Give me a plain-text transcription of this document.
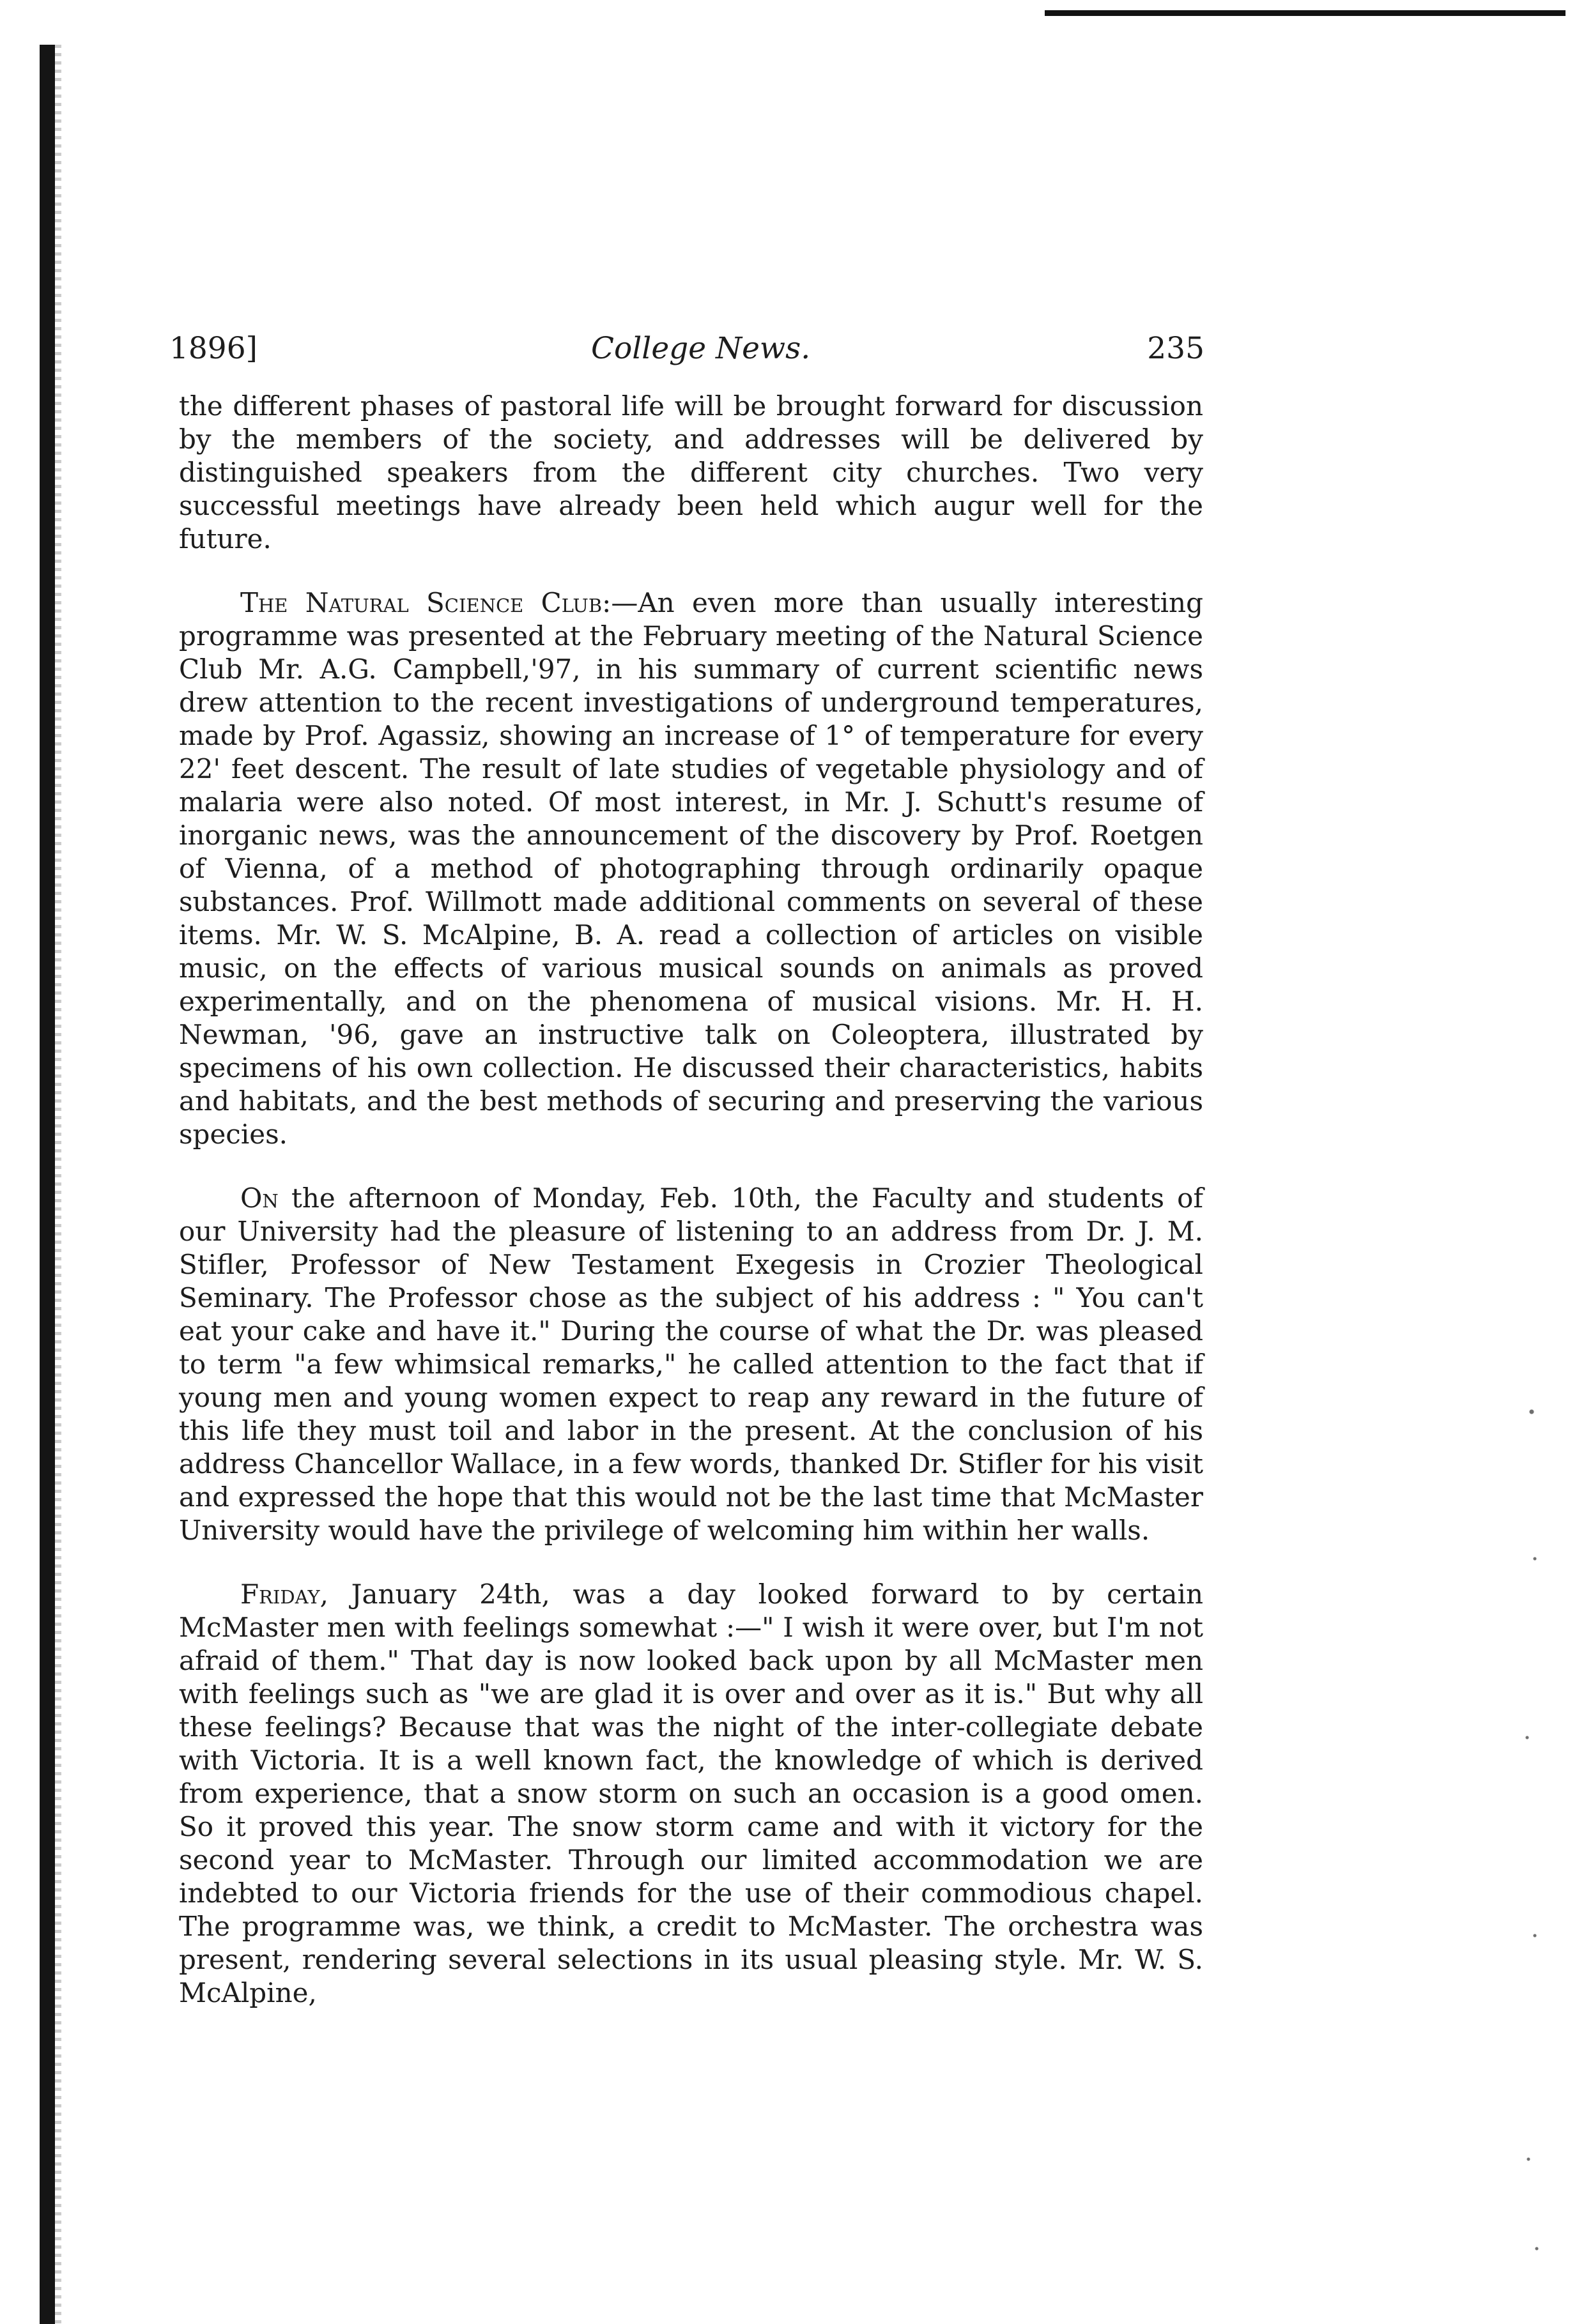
1896]	College News.	235

the different phases of pastoral life will be brought forward for discussion by the members of the society, and addresses will be delivered by distinguished speakers from the different city churches. Two very successful meetings have already been held which augur well for the future.

The Natural Science Club:—An even more than usually interesting programme was presented at the February meeting of the Natural Science Club Mr. A.G. Campbell,'97, in his summary of current scientific news drew attention to the recent investigations of underground temperatures, made by Prof. Agassiz, showing an increase of 1° of temperature for every 22' feet descent. The result of late studies of vegetable physiology and of malaria were also noted. Of most interest, in Mr. J. Schutt's resume of inorganic news, was the announcement of the discovery by Prof. Roetgen of Vienna, of a method of photographing through ordinarily opaque substances. Prof. Willmott made additional comments on several of these items. Mr. W. S. McAlpine, B. A. read a collection of articles on visible music, on the effects of various musical sounds on animals as proved experimentally, and on the phenomena of musical visions. Mr. H. H. Newman, '96, gave an instructive talk on Coleoptera, illustrated by specimens of his own collection. He discussed their characteristics, habits and habitats, and the best methods of securing and preserving the various species.

On the afternoon of Monday, Feb. 10th, the Faculty and students of our University had the pleasure of listening to an address from Dr. J. M. Stifler, Professor of New Testament Exegesis in Crozier Theological Seminary. The Professor chose as the subject of his address : " You can't eat your cake and have it." During the course of what the Dr. was pleased to term "a few whimsical remarks," he called attention to the fact that if young men and young women expect to reap any reward in the future of this life they must toil and labor in the present. At the conclusion of his address Chancellor Wallace, in a few words, thanked Dr. Stifler for his visit and expressed the hope that this would not be the last time that McMaster University would have the privilege of welcoming him within her walls.

Friday, January 24th, was a day looked forward to by certain McMaster men with feelings somewhat :—" I wish it were over, but I'm not afraid of them." That day is now looked back upon by all McMaster men with feelings such as "we are glad it is over and over as it is." But why all these feelings? Because that was the night of the inter-collegiate debate with Victoria. It is a well known fact, the knowledge of which is derived from experience, that a snow storm on such an occasion is a good omen. So it proved this year. The snow storm came and with it victory for the second year to McMaster. Through our limited accommodation we are indebted to our Victoria friends for the use of their commodious chapel. The programme was, we think, a credit to McMaster. The orchestra was present, rendering several selections in its usual pleasing style. Mr. W. S. McAlpine,
